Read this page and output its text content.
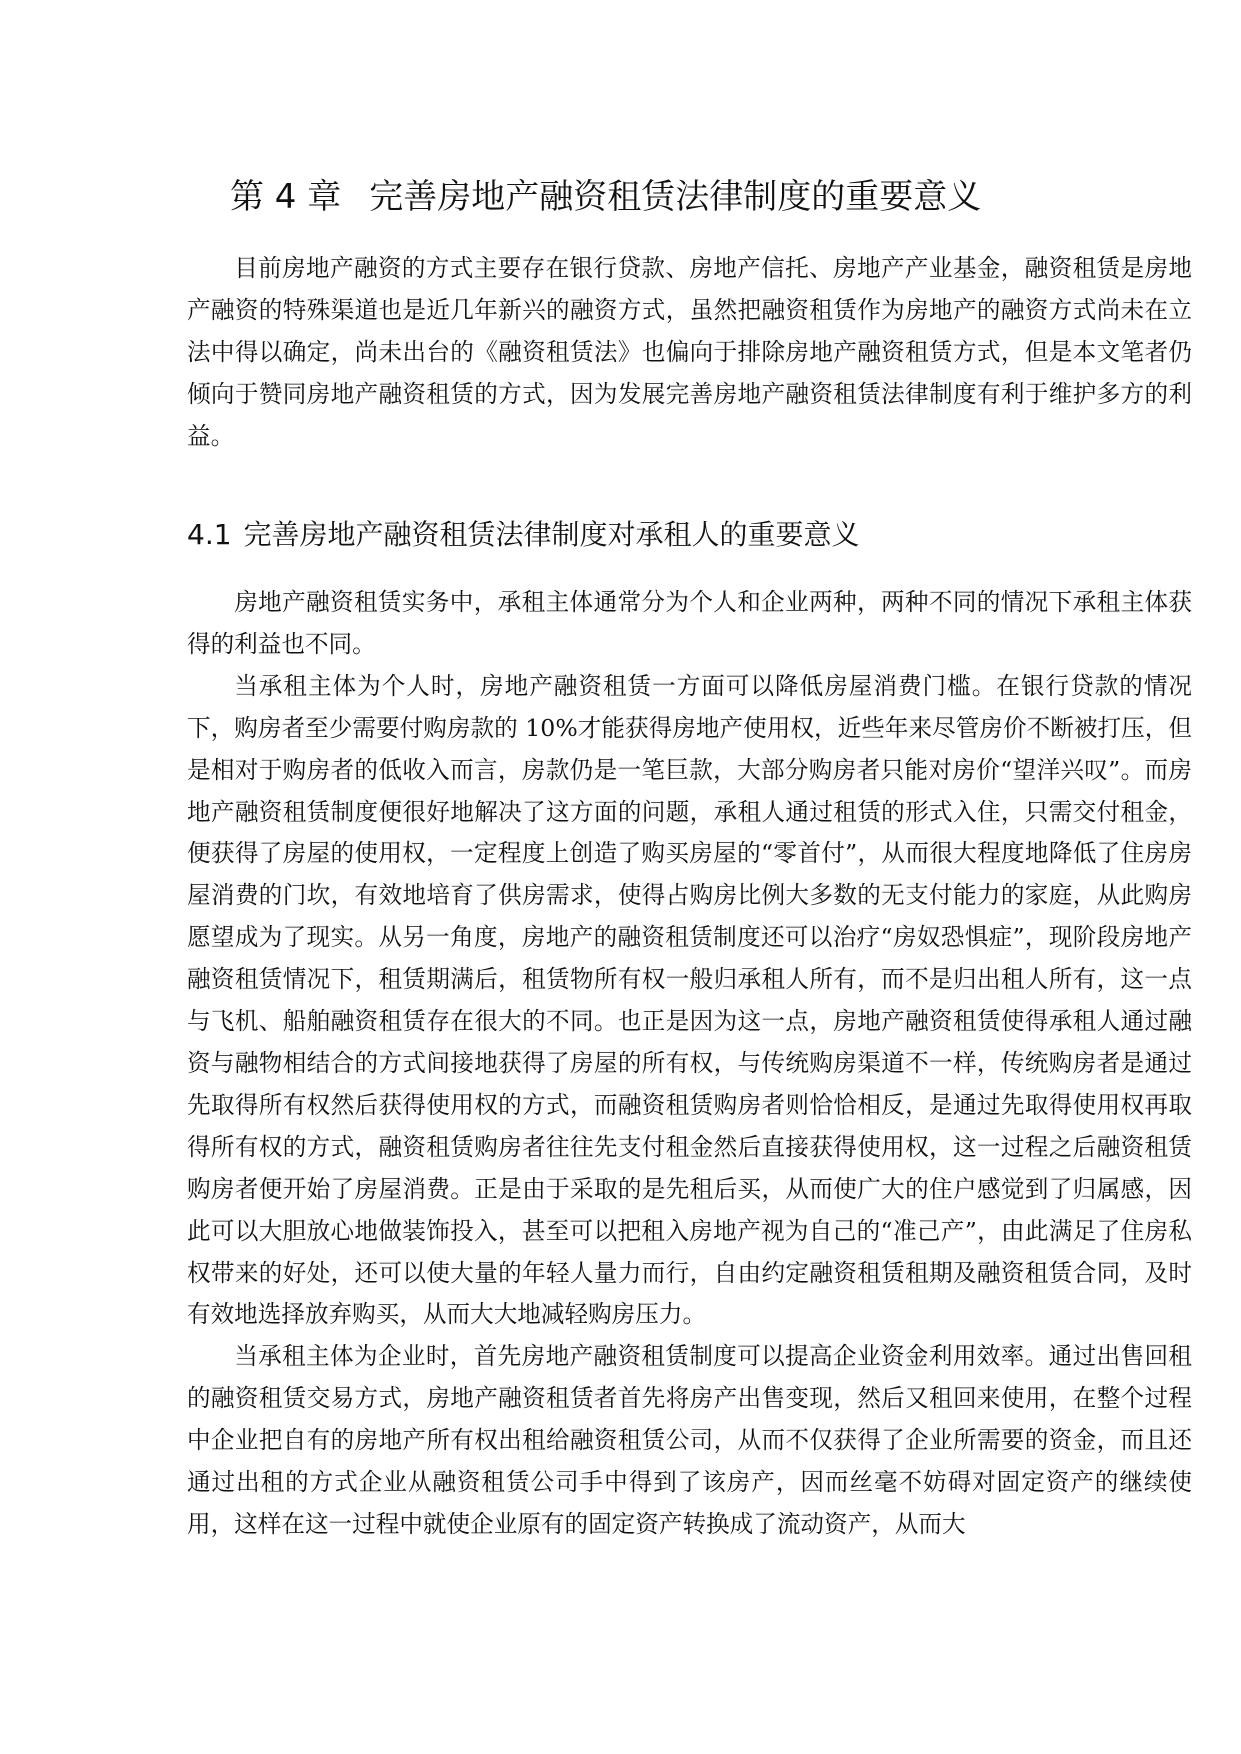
第 4 章 完善房地产融资租赁法律制度的重要意义

目前房地产融资的方式主要存在银行贷款、房地产信托、房地产产业基金，融资租赁是房地产融资的特殊渠道也是近几年新兴的融资方式，虽然把融资租赁作为房地产的融资方式尚未在立法中得以确定，尚未出台的《融资租赁法》也偏向于排除房地产融资租赁方式，但是本文笔者仍倾向于赞同房地产融资租赁的方式，因为发展完善房地产融资租赁法律制度有利于维护多方的利益。

4.1 完善房地产融资租赁法律制度对承租人的重要意义

房地产融资租赁实务中，承租主体通常分为个人和企业两种，两种不同的情况下承租主体获得的利益也不同。

当承租主体为个人时，房地产融资租赁一方面可以降低房屋消费门槛。在银行贷款的情况下，购房者至少需要付购房款的 10%才能获得房地产使用权，近些年来尽管房价不断被打压，但是相对于购房者的低收入而言，房款仍是一笔巨款，大部分购房者只能对房价“望洋兴叹”。而房地产融资租赁制度便很好地解决了这方面的问题，承租人通过租赁的形式入住，只需交付租金，便获得了房屋的使用权，一定程度上创造了购买房屋的“零首付”，从而很大程度地降低了住房房屋消费的门坎，有效地培育了供房需求，使得占购房比例大多数的无支付能力的家庭，从此购房愿望成为了现实。从另一角度，房地产的融资租赁制度还可以治疗“房奴恐惧症”，现阶段房地产融资租赁情况下，租赁期满后，租赁物所有权一般归承租人所有，而不是归出租人所有，这一点与飞机、船舶融资租赁存在很大的不同。也正是因为这一点，房地产融资租赁使得承租人通过融资与融物相结合的方式间接地获得了房屋的所有权，与传统购房渠道不一样，传统购房者是通过先取得所有权然后获得使用权的方式，而融资租赁购房者则恰恰相反，是通过先取得使用权再取得所有权的方式，融资租赁购房者往往先支付租金然后直接获得使用权，这一过程之后融资租赁购房者便开始了房屋消费。正是由于采取的是先租后买，从而使广大的住户感觉到了归属感，因此可以大胆放心地做装饰投入，甚至可以把租入房地产视为自己的“准己产”，由此满足了住房私权带来的好处，还可以使大量的年轻人量力而行，自由约定融资租赁租期及融资租赁合同，及时有效地选择放弃购买，从而大大地减轻购房压力。

当承租主体为企业时，首先房地产融资租赁制度可以提高企业资金利用效率。通过出售回租的融资租赁交易方式，房地产融资租赁者首先将房产出售变现，然后又租回来使用，在整个过程中企业把自有的房地产所有权出租给融资租赁公司，从而不仅获得了企业所需要的资金，而且还通过出租的方式企业从融资租赁公司手中得到了该房产，因而丝毫不妨碍对固定资产的继续使用，这样在这一过程中就使企业原有的固定资产转换成了流动资产，从而大
